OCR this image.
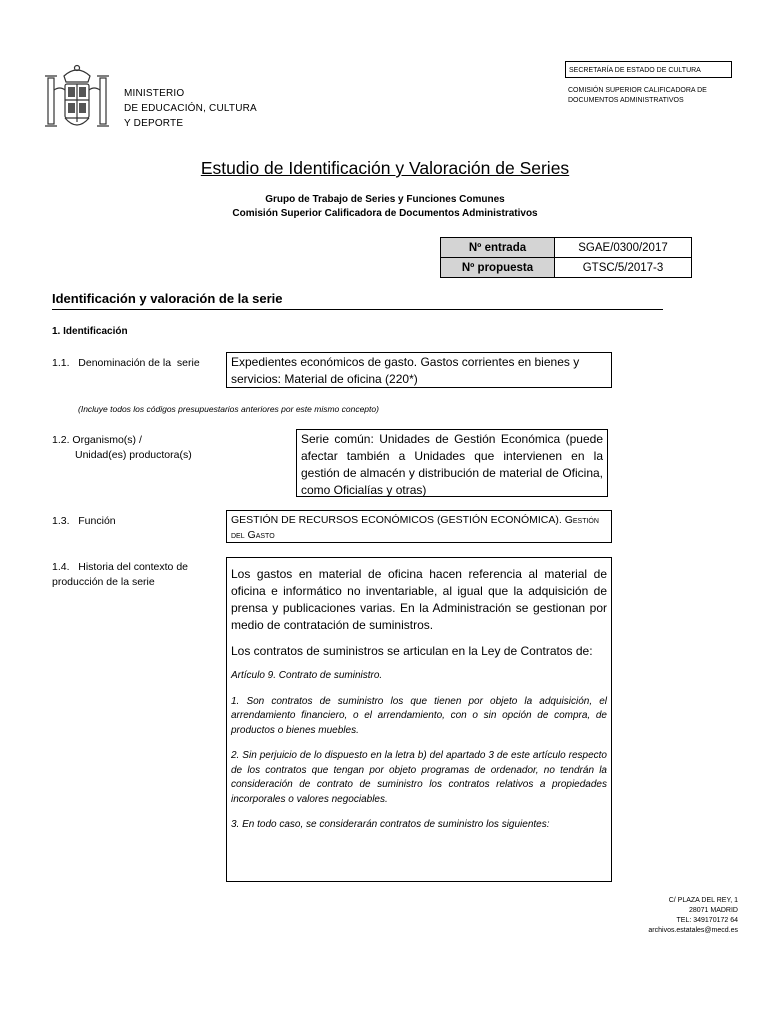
MINISTERIO
DE EDUCACIÓN, CULTURA
Y DEPORTE
SECRETARÍA DE ESTADO DE CULTURA
COMISIÓN SUPERIOR CALIFICADORA DE
DOCUMENTOS ADMINISTRATIVOS
Estudio de Identificación y Valoración de Series
Grupo de Trabajo de Series y Funciones Comunes
Comisión Superior Calificadora de Documentos Administrativos
Nº entrada	SGAE/0300/2017
Nº propuesta	GTSC/5/2017-3
Identificación y valoración de la serie
1. Identificación
1.1.   Denominación de la  serie	Expedientes económicos de gasto. Gastos corrientes en bienes y servicios: Material de oficina (220*)
(Incluye todos los códigos presupuestarios anteriores por este mismo concepto)
1.2. Organismo(s) /
Unidad(es) productora(s)
Serie común: Unidades de Gestión Económica (puede afectar también a Unidades que intervienen en la gestión de almacén y distribución de material de Oficina, como Oficialías y otras)
1.3.   Función	GESTIÓN DE RECURSOS ECONÓMICOS (GESTIÓN ECONÓMICA). Gestión del Gasto
1.4.   Historia del contexto de
producción de la serie

Los gastos en material de oficina hacen referencia al material de oficina e informático no inventariable, al igual que la adquisición de prensa y publicaciones varias. En la Administración se gestionan por medio de contratación de suministros.

Los contratos de suministros se articulan en la Ley de Contratos de:

Artículo 9. Contrato de suministro.

1. Son contratos de suministro los que tienen por objeto la adquisición, el arrendamiento financiero, o el arrendamiento, con o sin opción de compra, de productos o bienes muebles.

2. Sin perjuicio de lo dispuesto en la letra b) del apartado 3 de este artículo respecto de los contratos que tengan por objeto programas de ordenador, no tendrán la consideración de contrato de suministro los contratos relativos a propiedades incorporales o valores negociables.

3. En todo caso, se considerarán contratos de suministro los siguientes:

C/ PLAZA DEL REY, 1
28071 MADRID
TEL: 349170172 64
archivos.estatales@mecd.es
